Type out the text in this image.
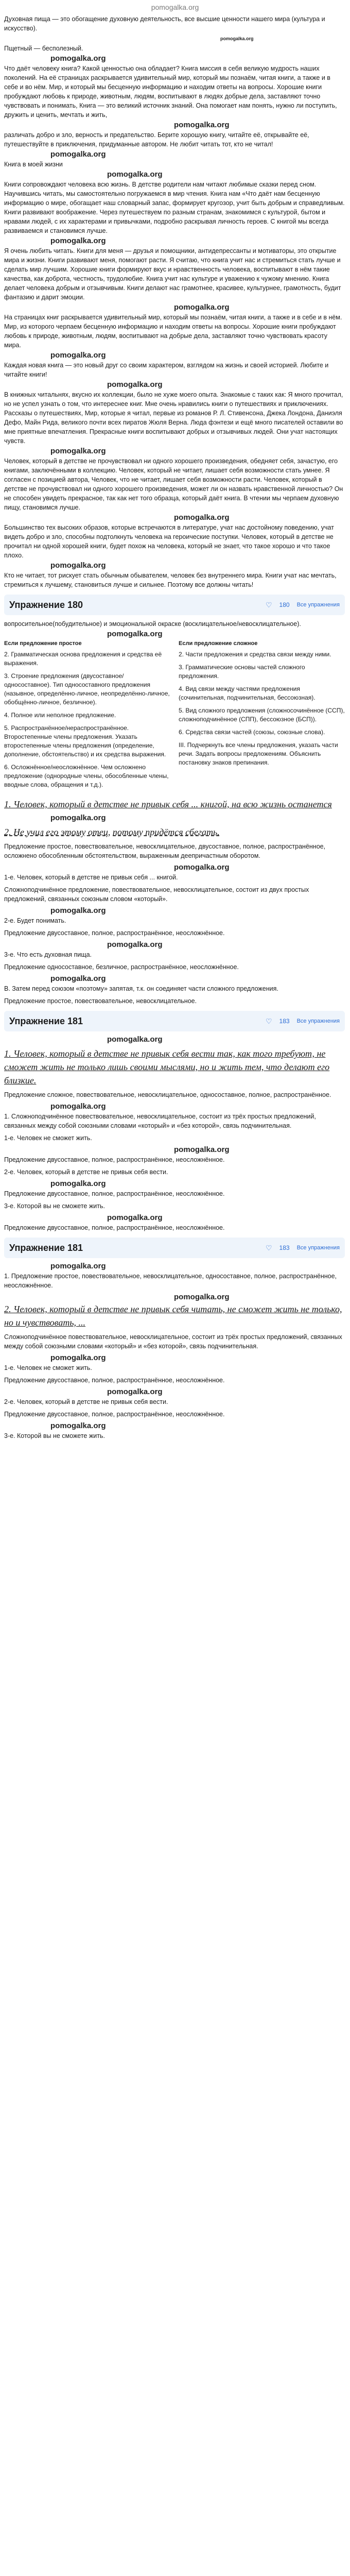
pomogalka.org

Духовная пища — это обогащение духовную деятельность, все высшие ценности нашего мира (культура и искусство).

pomogalka.org

Пщетный — бесполезный.

pomogalka.org

Что даёт человеку книга? Какой ценностью она обладает? Книга миссия в себя великую мудрость наших поколений. На её страницах раскрывается удивительный мир, который мы познаём, читая книги, а также и в себе и во нём. Мир, и который мы бесценную информацию и находим ответы на вопросы. Хорошие книги пробуждают любовь к природе, животным, людям, воспитывают в людях добрые дела, заставляют точно чувствовать и понимать, Книга — это великий источник знаний. Она помогает нам понять, нужно ли поступить, дружить и ценить, мечтать и жить,

pomogalka.org

различать добро и зло, верность и предательство. Берите хорошую книгу, читайте её, открывайте её, путешествуйте в приключения, придуманные автором. Не любит читать тот, кто не читал!

pomogalka.org

Книга в моей жизни

pomogalka.org

Книги сопровождают человека всю жизнь. В детстве родители нам читают любимые сказки перед сном. Научившись читать, мы самостоятельно погружаемся в мир чтения. Книга нам «Что даёт нам бесценную информацию о мире, обогащает наш словарный запас, формирует кругозор, учит быть добрым и справедливым. Книги развивают воображение. Через путешествуем по разным странам, знакомимся с культурой, бытом и нравами людей, с их характерами и привычками, подробно раскрывая личность героев. С книгой мы всегда развиваемся и становимся лучше.

pomogalka.org

Я очень любить читать. Книги для меня — друзья и помощники, антидепрессанты и мотиваторы, это открытие мира и жизни. Книги развивают меня, помогают расти. Я считаю, что книга учит нас и стремиться стать лучше и сделать мир лучшим. Хорошие книги формируют вкус и нравственность человека, воспитывают в нём такие качества, как доброта, честность, трудолюбие. Книга учит нас культуре и уважению к чужому мнению. Книга делает человека добрым и отзывчивым. Книги делают нас грамотнее, красивее, культурнее, грамотность, будит фантазию и дарит эмоции.

pomogalka.org

На страницах книг раскрывается удивительный мир, который мы познаём, читая книги, а также и в себе и в нём. Мир, из которого черпаем бесценную информацию и находим ответы на вопросы. Хорошие книги пробуждают любовь к природе, животным, людям, воспитывают на добрые дела, заставляют точно чувствовать красоту мира.

pomogalka.org

Каждая новая книга — это новый друг со своим характером, взглядом на жизнь и своей историей. Любите и читайте книги!

pomogalka.org

В книжных читальнях, вкусно их коллекции, было не хуже моего опыта. Знакомые с таких как: Я много прочитал, но не успел узнать о том, что интереснее книг. Мне очень нравились книги о путешествиях и приключениях. Рассказы о путешествиях, Мир, которые я читал, первые из романов Р. Л. Стивенсона, Джека Лондона, Даниэля Дефо, Майн Рида, великого почти всех пиратов Жюля Верна. Люда фэнтези и ещё много писателей оставили во мне приятные впечатления. Прекрасные книги воспитывают добрых и отзывчивых людей. Они учат настоящих чувств.

pomogalka.org

Человек, который в детстве не прочувствовал ни одного хорошего произведения, обедняет себя, зачастую, его книгами, заключёнными в коллекцию. Человек, который не читает, лишает себя возможности стать умнее. Я согласен с позицией автора, Человек, что не читает, лишает себя возможности расти. Человек, который в детстве не прочувствовал ни одного хорошего произведения, может ли он назвать нравственной личностью? Он не способен увидеть прекрасное, так как нет того образца, который даёт книга. В чтении мы черпаем духовную пищу, становимся лучше.

pomogalka.org

Большинство тех высоких образов, которые встречаются в литературе, учат нас достойному поведению, учат видеть добро и зло, способны подтолкнуть человека на героические поступки. Человек, который в детстве не прочитал ни одной хорошей книги, будет похож на человека, который не знает, что такое хорошо и что такое плохо.

pomogalka.org

Кто не читает, тот рискует стать обычным обывателем, человек без внутреннего мира. Книги учат нас мечтать, стремиться к лучшему, становиться лучше и сильнее. Поэтому все должны читать!

Упражнение 180	♡ 180 Все упражнения

вопросительное(побудительное) и эмоциональной окраске (восклицательное/невосклицательное).

pomogalka.org
Если предложение простое
2. Грамматическая основа предложения и средства её выражения.
3. Строение предложения (двусоставное/односоставное). Тип односоставного предложения (назывное, определённо-личное, неопределённо-личное, обобщённо-личное, безличное).
4. Полное или неполное предложение.
5. Распространённое/нераспространённое. Второстепенные члены предложения. Указать второстепенные члены предложения (определение, дополнение, обстоятельство) и их средства выражения.
6. Осложнённое/неосложнённое. Чем осложнено предложение (однородные члены, обособленные члены, вводные слова, обращения и т.д.).
Если предложение сложное
2. Части предложения и средства связи между ними.
3. Грамматические основы частей сложного предложения.
4. Вид связи между частями предложения (сочинительная, подчинительная, бессоюзная).
5. Вид сложного предложения (сложносочинённое (ССП), сложноподчинённое (СПП), бессоюзное (БСП)).
6. Средства связи частей (союзы, союзные слова).
III. Подчеркнуть все члены предложения, указать части речи. Задать вопросы предложениям. Объяснить постановку знаков препинания.
1. Человек, который в детстве не привык себя ... книгой, на всю жизнь останется
pomogalka.org
2. Не учил его этому отец, потому придётся сбегать.

Предложение простое, повествовательное, невосклицательное, двусоставное, полное, распространённое, осложнено обособленным обстоятельством, выраженным деепричастным оборотом.

pomogalka.org

1-е. Человек, который в детстве не привык себя ... книгой.

Сложноподчинённое предложение, повествовательное, невосклицательное, состоит из двух простых предложений, связанных союзным словом «который».

pomogalka.org

2-е. Будет понимать.

Предложение двусоставное, полное, распространённое, неосложнённое.

pomogalka.org

3-е. Что есть духовная пища.

Предложение односоставное, безличное, распространённое, неосложнённое.

pomogalka.org

В. Затем перед союзом «поэтому» запятая, т.к. он соединяет части сложного предложения.

Предложение простое, повествовательное, невосклицательное.

Упражнение 181	♡ 183 Все упражнения
pomogalka.org
1. Человек, который в детстве не привык себя вести так, как того требуют, не сможет жить не только лишь своими мыслями, но и жить тем, что делают его близкие.

Предложение сложное, повествовательное, невосклицательное, односоставное, полное, распространённое.

pomogalka.org

1. Сложноподчинённое повествовательное, невосклицательное, состоит из трёх простых предложений, связанных между собой союзными словами «который» и «без которой», связь подчинительная.

1-е. Человек не сможет жить.

pomogalka.org

Предложение двусоставное, полное, распространённое, неосложнённое.

2-е. Человек, который в детстве не привык себя вести.

pomogalka.org

Предложение двусоставное, полное, распространённое, неосложнённое.

3-е. Которой вы не сможете жить.

pomogalka.org

Предложение двусоставное, полное, распространённое, неосложнённое.

Упражнение 181	♡ 183 Все упражнения
pomogalka.org

1. Предложение простое, повествовательное, невосклицательное, односоставное, полное, распространённое, неосложнённое.

pomogalka.org

2. Человек, который в детстве не привык себя читать, не сможет жить не только, но и чувствовать, ...

Сложноподчинённое повествовательное, невосклицательное, состоит из трёх простых предложений, связанных между собой союзными словами «который» и «без которой», связь подчинительная.

pomogalka.org

1-е. Человек не сможет жить.

Предложение двусоставное, полное, распространённое, неосложнённое.

pomogalka.org

2-е. Человек, который в детстве не привык себя вести.

Предложение двусоставное, полное, распространённое, неосложнённое.

pomogalka.org

3-е. Которой вы не сможете жить.
